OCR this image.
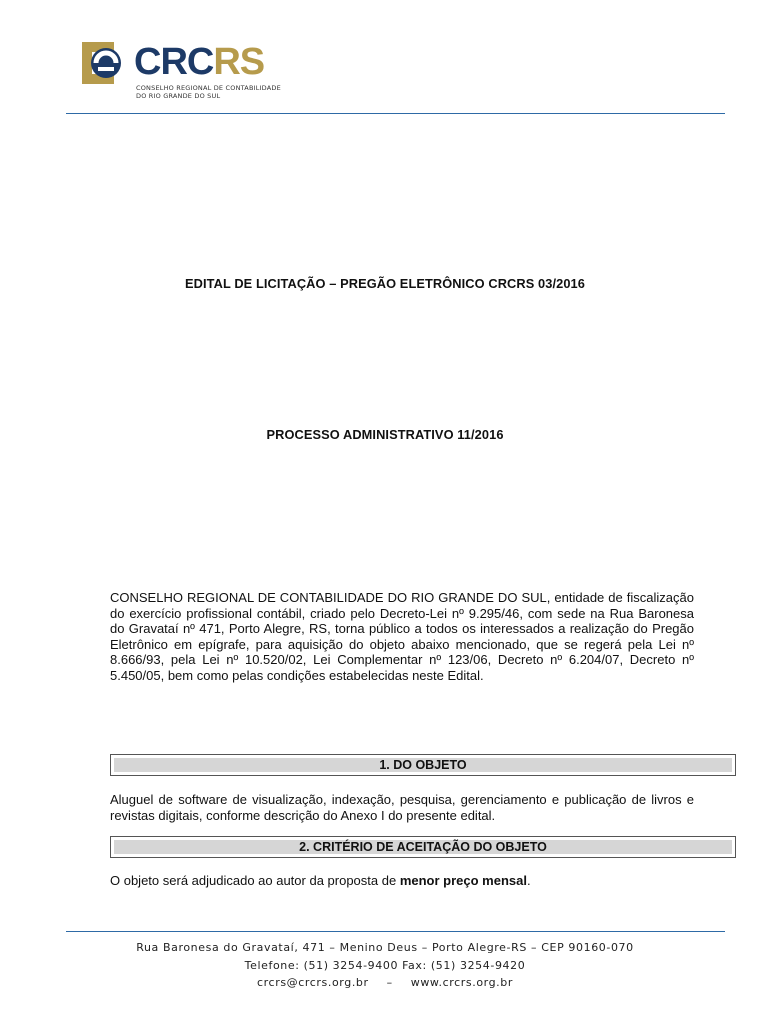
CRCRS
CONSELHO REGIONAL DE CONTABILIDADE
DO RIO GRANDE DO SUL
EDITAL DE LICITAÇÃO – PREGÃO ELETRÔNICO CRCRS 03/2016
PROCESSO ADMINISTRATIVO 11/2016

CONSELHO REGIONAL DE CONTABILIDADE DO RIO GRANDE DO SUL, entidade de fiscalização do exercício profissional contábil, criado pelo Decreto-Lei nº 9.295/46, com sede na Rua Baronesa do Gravataí nº 471, Porto Alegre, RS, torna público a todos os interessados a realização do Pregão Eletrônico em epígrafe, para aquisição do objeto abaixo mencionado, que se regerá pela Lei nº 8.666/93, pela Lei nº 10.520/02, Lei Complementar nº 123/06, Decreto nº 6.204/07, Decreto nº 5.450/05, bem como pelas condições estabelecidas neste Edital.

1. DO OBJETO

Aluguel de software de visualização, indexação, pesquisa, gerenciamento e publicação de livros e revistas digitais, conforme descrição do Anexo I do presente edital.

2. CRITÉRIO DE ACEITAÇÃO DO OBJETO

O objeto será adjudicado ao autor da proposta de menor preço mensal.

Rua Baronesa do Gravataí, 471 – Menino Deus – Porto Alegre-RS – CEP 90160-070
Telefone: (51) 3254-9400 Fax: (51) 3254-9420
crcrs@crcrs.org.br – www.crcrs.org.br
